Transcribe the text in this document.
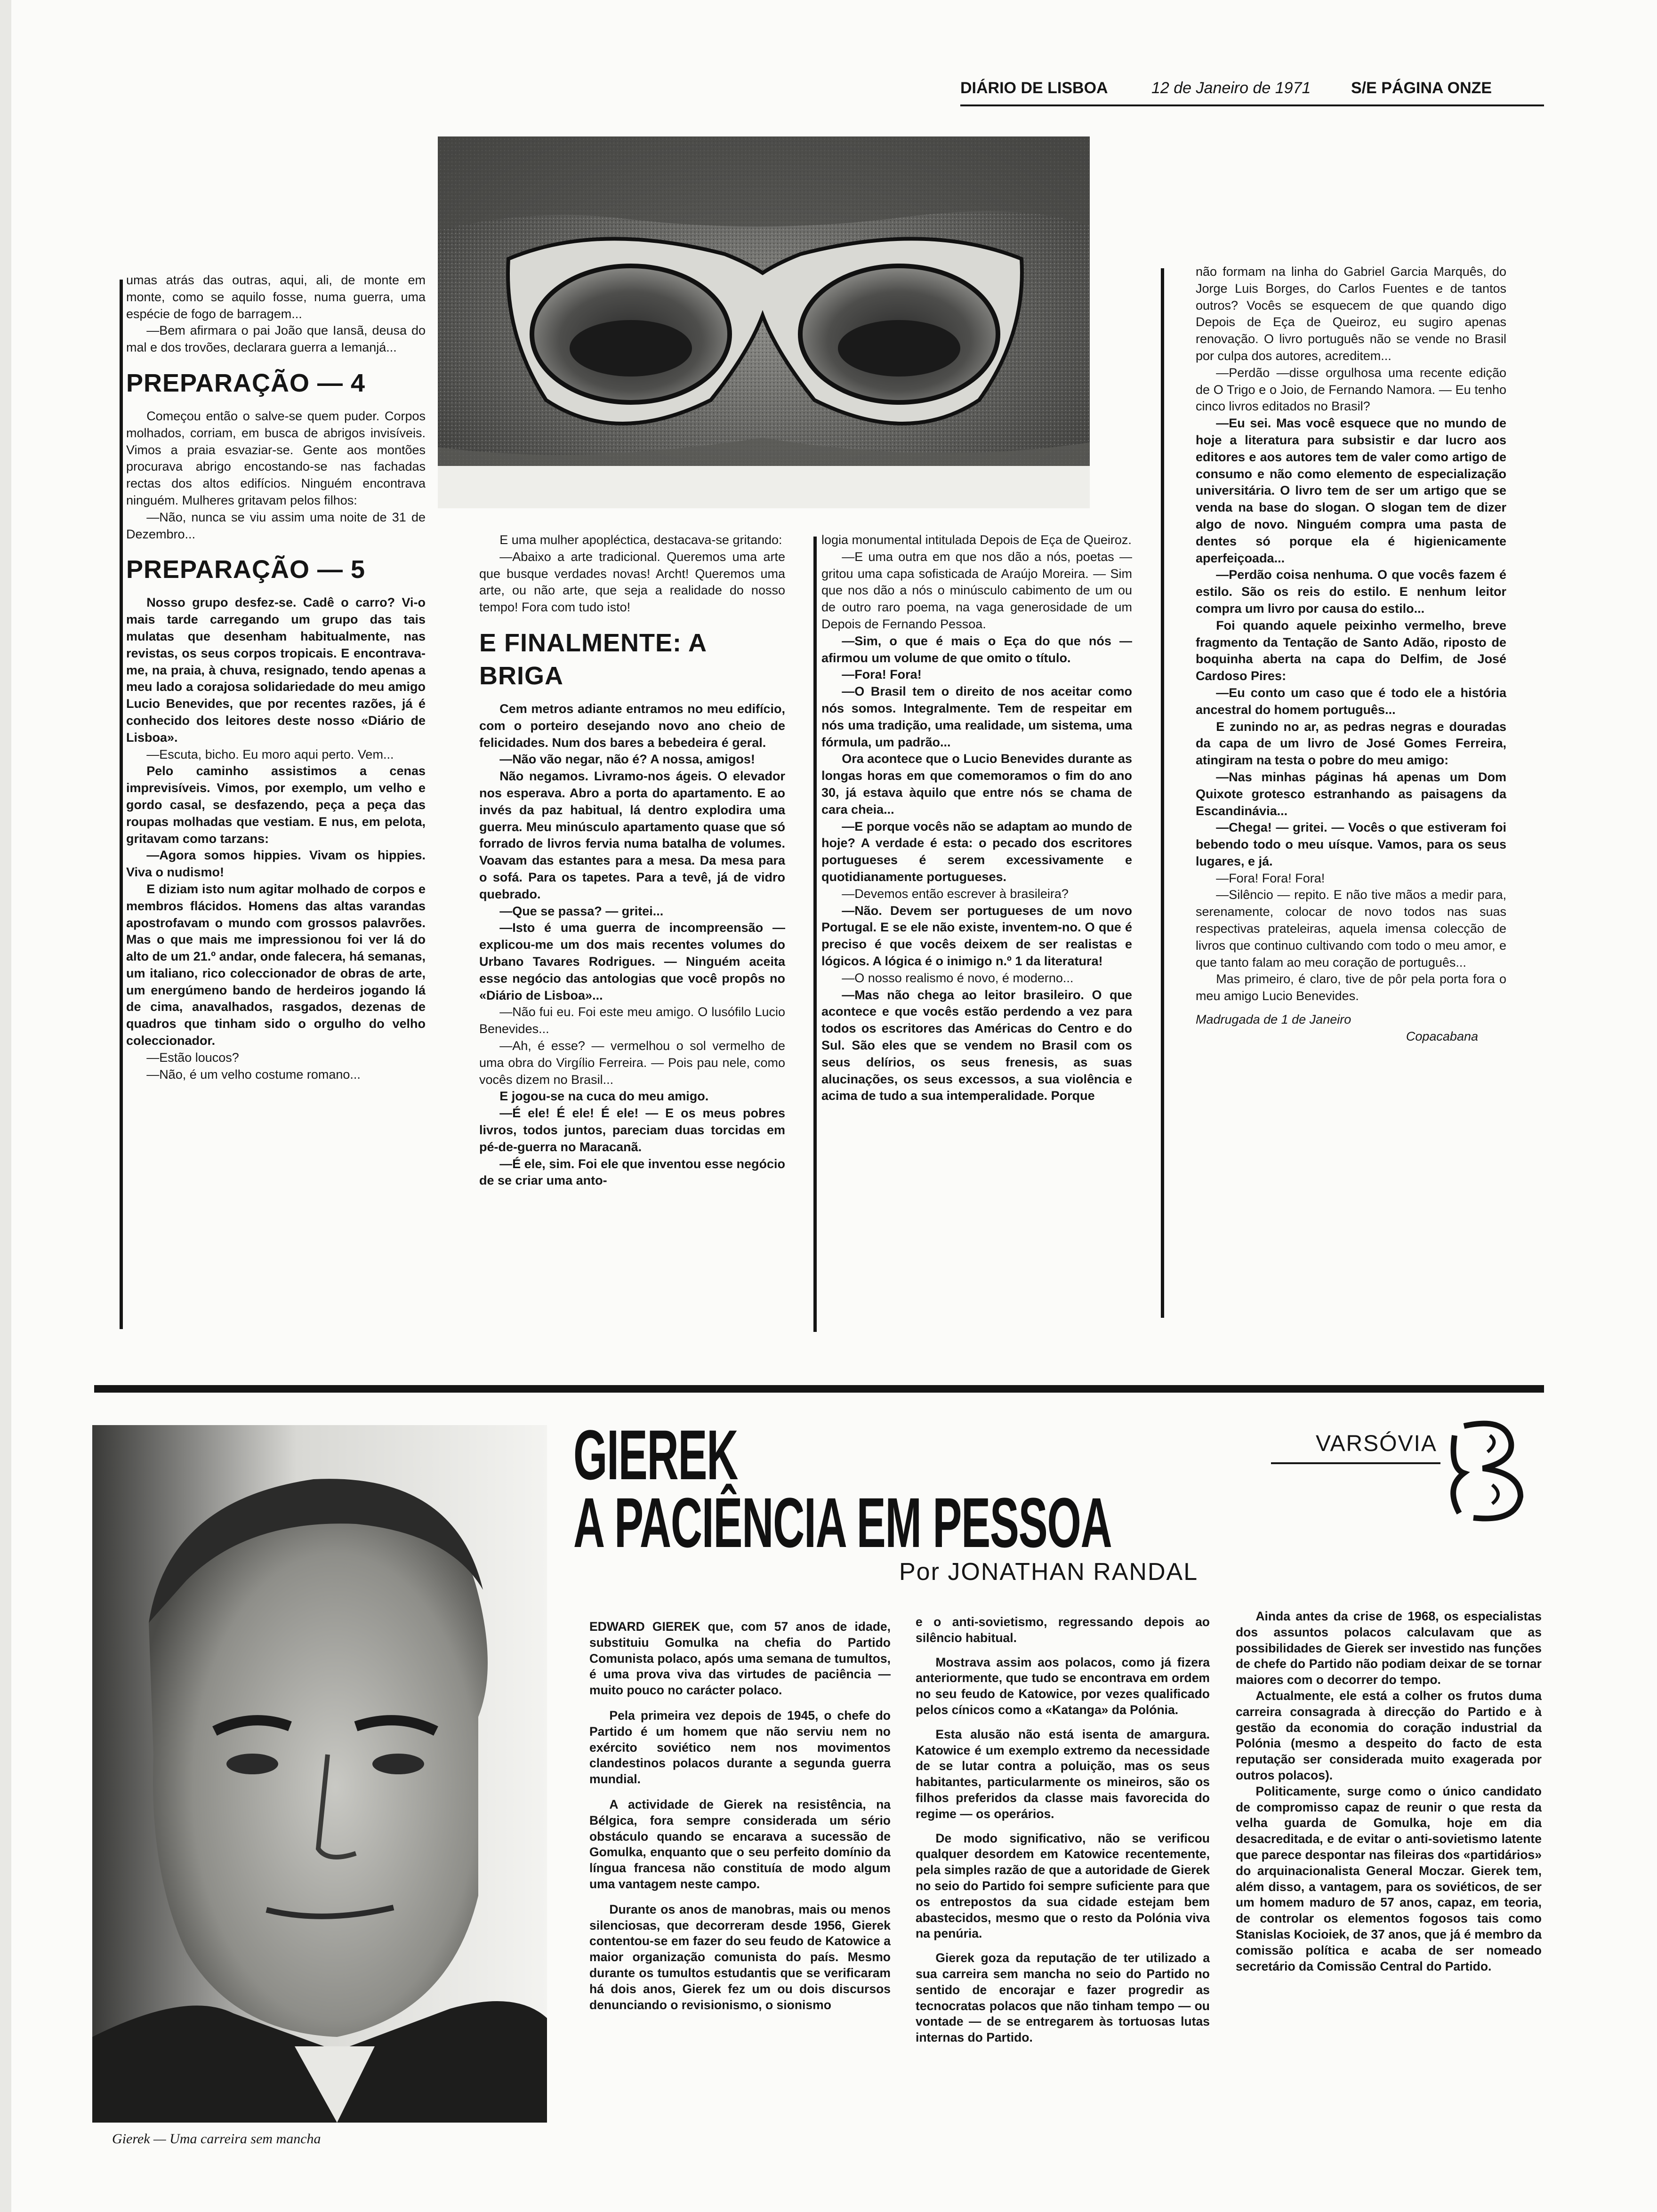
DIÁRIO DE LISBOA	12 de Janeiro de 1971	S/E PÁGINA ONZE

umas atrás das outras, aqui, ali, de monte em monte, como se aquilo fosse, numa guerra, uma espécie de fogo de barragem...

—Bem afirmara o pai João que Iansã, deusa do mal e dos trovões, declarara guerra a Iemanjá...

PREPARAÇÃO — 4

Começou então o salve-se quem puder. Corpos molhados, corriam, em busca de abrigos invisíveis. Vimos a praia esvaziar-se. Gente aos montões procurava abrigo encostando-se nas fachadas rectas dos altos edifícios. Ninguém encontrava ninguém. Mulheres gritavam pelos filhos:

—Não, nunca se viu assim uma noite de 31 de Dezembro...

PREPARAÇÃO — 5

Nosso grupo desfez-se. Cadê o carro? Vi-o mais tarde carregando um grupo das tais mulatas que desenham habitualmente, nas revistas, os seus corpos tropicais. E encontrava-me, na praia, à chuva, resignado, tendo apenas a meu lado a corajosa solidariedade do meu amigo Lucio Benevides, que por recentes razões, já é conhecido dos leitores deste nosso «Diário de Lisboa».

—Escuta, bicho. Eu moro aqui perto. Vem...

Pelo caminho assistimos a cenas imprevisíveis. Vimos, por exemplo, um velho e gordo casal, se desfazendo, peça a peça das roupas molhadas que vestiam. E nus, em pelota, gritavam como tarzans:

—Agora somos hippies. Vivam os hippies. Viva o nudismo!

E diziam isto num agitar molhado de corpos e membros flácidos. Homens das altas varandas apostrofavam o mundo com grossos palavrões. Mas o que mais me impressionou foi ver lá do alto de um 21.º andar, onde falecera, há semanas, um italiano, rico coleccionador de obras de arte, um energúmeno bando de herdeiros jogando lá de cima, anavalhados, rasgados, dezenas de quadros que tinham sido o orgulho do velho coleccionador.

—Estão loucos?

—Não, é um velho costume romano...

E uma mulher apopléctica, destacava-se gritando:

—Abaixo a arte tradicional. Queremos uma arte que busque verdades novas! Archt! Queremos uma arte, ou não arte, que seja a realidade do nosso tempo! Fora com tudo isto!

E FINALMENTE: A BRIGA

Cem metros adiante entramos no meu edifício, com o porteiro desejando novo ano cheio de felicidades. Num dos bares a bebedeira é geral.

—Não vão negar, não é? A nossa, amigos!

Não negamos. Livramo-nos ágeis. O elevador nos esperava. Abro a porta do apartamento. E ao invés da paz habitual, lá dentro explodira uma guerra. Meu minúsculo apartamento quase que só forrado de livros fervia numa batalha de volumes. Voavam das estantes para a mesa. Da mesa para o sofá. Para os tapetes. Para a tevê, já de vidro quebrado.

—Que se passa? — gritei...

—Isto é uma guerra de incompreensão — explicou-me um dos mais recentes volumes do Urbano Tavares Rodrigues. — Ninguém aceita esse negócio das antologias que você propôs no «Diário de Lisboa»...

—Não fui eu. Foi este meu amigo. O lusófilo Lucio Benevides...

—Ah, é esse? — vermelhou o sol vermelho de uma obra do Virgílio Ferreira. — Pois pau nele, como vocês dizem no Brasil...

E jogou-se na cuca do meu amigo.

—É ele! É ele! É ele! — E os meus pobres livros, todos juntos, pareciam duas torcidas em pé-de-guerra no Maracanã.

—É ele, sim. Foi ele que inventou esse negócio de se criar uma anto-

logia monumental intitulada Depois de Eça de Queiroz.

—E uma outra em que nos dão a nós, poetas — gritou uma capa sofisticada de Araújo Moreira. — Sim que nos dão a nós o minúsculo cabimento de um ou de outro raro poema, na vaga generosidade de um Depois de Fernando Pessoa.

—Sim, o que é mais o Eça do que nós — afirmou um volume de que omito o título.

—Fora! Fora!

—O Brasil tem o direito de nos aceitar como nós somos. Integralmente. Tem de respeitar em nós uma tradição, uma realidade, um sistema, uma fórmula, um padrão...

Ora acontece que o Lucio Benevides durante as longas horas em que comemoramos o fim do ano 30, já estava àquilo que entre nós se chama de cara cheia...

—E porque vocês não se adaptam ao mundo de hoje? A verdade é esta: o pecado dos escritores portugueses é serem excessivamente e quotidianamente portugueses.

—Devemos então escrever à brasileira?

—Não. Devem ser portugueses de um novo Portugal. E se ele não existe, inventem-no. O que é preciso é que vocês deixem de ser realistas e lógicos. A lógica é o inimigo n.º 1 da literatura!

—O nosso realismo é novo, é moderno...

—Mas não chega ao leitor brasileiro. O que acontece e que vocês estão perdendo a vez para todos os escritores das Américas do Centro e do Sul. São eles que se vendem no Brasil com os seus delírios, os seus frenesis, as suas alucinações, os seus excessos, a sua violência e acima de tudo a sua intemperalidade. Porque

não formam na linha do Gabriel Garcia Marquês, do Jorge Luis Borges, do Carlos Fuentes e de tantos outros? Vocês se esquecem de que quando digo Depois de Eça de Queiroz, eu sugiro apenas renovação. O livro português não se vende no Brasil por culpa dos autores, acreditem...

—Perdão —disse orgulhosa uma recente edição de O Trigo e o Joio, de Fernando Namora. — Eu tenho cinco livros editados no Brasil?

—Eu sei. Mas você esquece que no mundo de hoje a literatura para subsistir e dar lucro aos editores e aos autores tem de valer como artigo de consumo e não como elemento de especialização universitária. O livro tem de ser um artigo que se venda na base do slogan. O slogan tem de dizer algo de novo. Ninguém compra uma pasta de dentes só porque ela é higienicamente aperfeiçoada...

—Perdão coisa nenhuma. O que vocês fazem é estilo. São os reis do estilo. E nenhum leitor compra um livro por causa do estilo...

Foi quando aquele peixinho vermelho, breve fragmento da Tentação de Santo Adão, riposto de boquinha aberta na capa do Delfim, de José Cardoso Pires:

—Eu conto um caso que é todo ele a história ancestral do homem português...

E zunindo no ar, as pedras negras e douradas da capa de um livro de José Gomes Ferreira, atingiram na testa o pobre do meu amigo:

—Nas minhas páginas há apenas um Dom Quixote grotesco estranhando as paisagens da Escandinávia...

—Chega! — gritei. — Vocês o que estiveram foi bebendo todo o meu uísque. Vamos, para os seus lugares, e já.

—Fora! Fora! Fora!

—Silêncio — repito. E não tive mãos a medir para, serenamente, colocar de novo todos nas suas respectivas prateleiras, aquela imensa colecção de livros que continuo cultivando com todo o meu amor, e que tanto falam ao meu coração de português...

Mas primeiro, é claro, tive de pôr pela porta fora o meu amigo Lucio Benevides.

Madrugada de 1 de Janeiro

Copacabana

Gierek — Uma carreira sem mancha
GIEREK
A PACIÊNCIA EM PESSOA
VARSÓVIA
Por JONATHAN RANDAL

EDWARD GIEREK que, com 57 anos de idade, substituiu Gomulka na chefia do Partido Comunista polaco, após uma semana de tumultos, é uma prova viva das virtudes de paciência — muito pouco no carácter polaco.

Pela primeira vez depois de 1945, o chefe do Partido é um homem que não serviu nem no exército soviético nem nos movimentos clandestinos polacos durante a segunda guerra mundial.

A actividade de Gierek na resistência, na Bélgica, fora sempre considerada um sério obstáculo quando se encarava a sucessão de Gomulka, enquanto que o seu perfeito domínio da língua francesa não constituía de modo algum uma vantagem neste campo.

Durante os anos de manobras, mais ou menos silenciosas, que decorreram desde 1956, Gierek contentou-se em fazer do seu feudo de Katowice a maior organização comunista do país. Mesmo durante os tumultos estudantis que se verificaram há dois anos, Gierek fez um ou dois discursos denunciando o revisionismo, o sionismo

e o anti-sovietismo, regressando depois ao silêncio habitual.

Mostrava assim aos polacos, como já fizera anteriormente, que tudo se encontrava em ordem no seu feudo de Katowice, por vezes qualificado pelos cínicos como a «Katanga» da Polónia.

Esta alusão não está isenta de amargura. Katowice é um exemplo extremo da necessidade de se lutar contra a poluição, mas os seus habitantes, particularmente os mineiros, são os filhos preferidos da classe mais favorecida do regime — os operários.

De modo significativo, não se verificou qualquer desordem em Katowice recentemente, pela simples razão de que a autoridade de Gierek no seio do Partido foi sempre suficiente para que os entrepostos da sua cidade estejam bem abastecidos, mesmo que o resto da Polónia viva na penúria.

Gierek goza da reputação de ter utilizado a sua carreira sem mancha no seio do Partido no sentido de encorajar e fazer progredir as tecnocratas polacos que não tinham tempo — ou vontade — de se entregarem às tortuosas lutas internas do Partido.

Ainda antes da crise de 1968, os especialistas dos assuntos polacos calculavam que as possibilidades de Gierek ser investido nas funções de chefe do Partido não podiam deixar de se tornar maiores com o decorrer do tempo.

Actualmente, ele está a colher os frutos duma carreira consagrada à direcção do Partido e à gestão da economia do coração industrial da Polónia (mesmo a despeito do facto de esta reputação ser considerada muito exagerada por outros polacos).

Politicamente, surge como o único candidato de compromisso capaz de reunir o que resta da velha guarda de Gomulka, hoje em dia desacreditada, e de evitar o anti-sovietismo latente que parece despontar nas fileiras dos «partidários» do arquinacionalista General Moczar. Gierek tem, além disso, a vantagem, para os soviéticos, de ser um homem maduro de 57 anos, capaz, em teoria, de controlar os elementos fogosos tais como Stanislas Kocioiek, de 37 anos, que já é membro da comissão política e acaba de ser nomeado secretário da Comissão Central do Partido.
